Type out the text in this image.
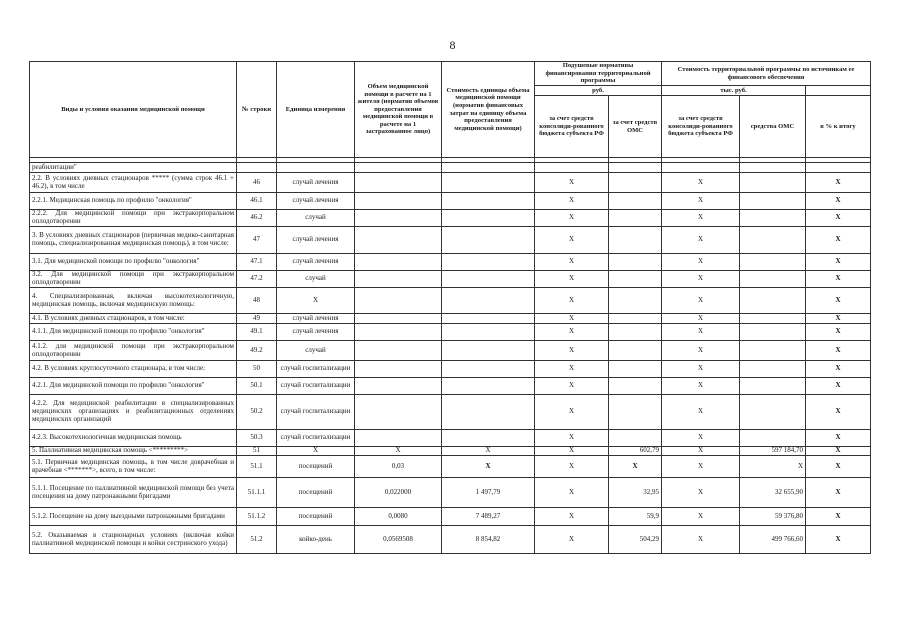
8
Виды и условия оказания медицинской помощи	№ строки	Единица измерения	Объем медицинской помощи в расчете на 1 жителя (норматив объемов предоставления медицинской помощи в расчете на 1 застрахованное лицо)	Стоимость единицы объема медицинской помощи (норматив финансовых затрат на единицу объема предоставления медицинской помощи)	Подушевые нормативы финансирования территориальной программы		Стоимость территориальной программы по источникам ее финансового обеспечения		
					руб.		тыс. руб.		
					за счет средств консолиди-рованного бюджета субъекта РФ	за счет средств ОМС	за счет средств консолиди-рованного бюджета субъекта РФ	средства ОМС	в % к итогу

реабилитации"									
2.2. В условиях дневных стационаров ***** (сумма строк 46.1 + 46.2), в том числе	46	случай лечения			X		X		X
2.2.1. Медицинская помощь по профилю "онкология"	46.1	случай лечения			X		X		X
2.2.2. Для медицинской помощи при экстракорпоральном оплодотворении	46.2	случай			X		X		X
3. В условиях дневных стационаров (первичная медико-санитарная помощь, специализированная медицинская помощь), в том числе:	47	случай лечения			X		X		X
3.1. Для медицинской помощи по профилю "онкология"	47.1	случай лечения			X		X		X
3.2. Для медицинской помощи при экстракорпоральном оплодотворении	47.2	случай			X		X		X
4. Специализированная, включая высокотехнологичную, медицинская помощь, включая медицинскую помощь:	48	X			X		X		X
4.1. В условиях дневных стационаров, в том числе:	49	случай лечения			X		X		X
4.1.1. Для медицинской помощи по профилю "онкология"	49.1	случай лечения			X		X		X
4.1.2. для медицинской помощи при экстракорпоральном оплодотворении	49.2	случай			X		X		X
4.2. В условиях круглосуточного стационара, в том числе:	50	случай госпитализации			X		X		X
4.2.1. Для медицинской помощи по профилю "онкология"	50.1	случай госпитализации			X		X		X
4.2.2. Для медицинской реабилитации в специализированных медицинских организациях и реабилитационных отделениях медицинских организаций	50.2	случай госпитализации			X		X		X
4.2.3. Высокотехнологичная медицинская помощь	50.3	случай госпитализации			X		X		X
5. Паллиативная медицинская помощь <*********>	51	X	X	X	X	602,79	X	597 184,70	X
5.1. Первичная медицинская помощь, в том числе доврачебная и врачебная <*******>, всего, в том числе:	51.1	посещений	0,03	X	X	X	X	X	X
5.1.1. Посещение по паллиативной медицинской помощи без учета посещения на дому патронажными бригадами	51.1.1	посещений	0,022000	1 497,79	X	32,95	X	32 655,90	X
5.1.2. Посещение на дому выездными патронажными бригадами	51.1.2	посещений	0,0080	7 489,27	X	59,9	X	59 376,80	X
5.2. Оказываемая в стационарных условиях (включая койки паллиативной медицинской помощи и койки сестринского ухода)	51.2	койко-день	0,0569508	8 854,82	X	504,29	X	499 766,60	X
